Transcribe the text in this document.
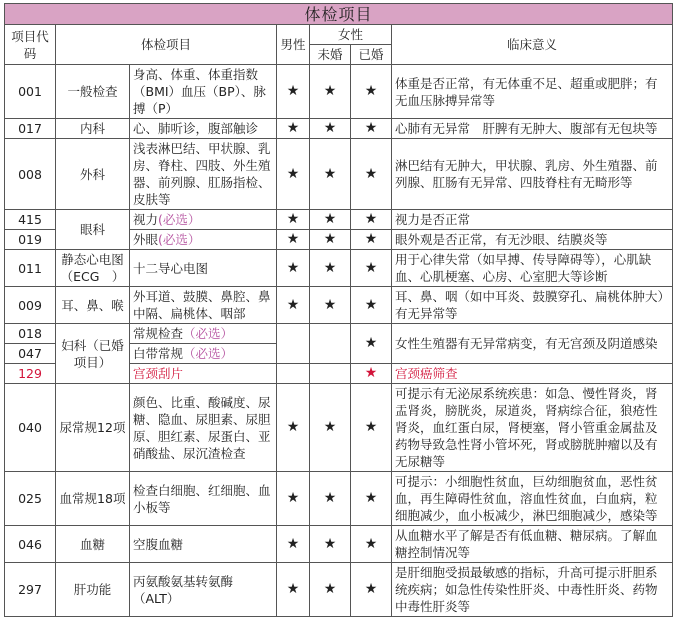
体检项目						
项目代码	体检项目		男性	女性		临床意义
				未婚	已婚	
001	一般检查	身高、体重、体重指数（BMI）血压（BP）、脉搏（P）	★	★	★	体重是否正常，有无体重不足、超重或肥胖；有无血压脉搏异常等
017	内科	心、肺听诊，腹部触诊	★	★	★	心肺有无异常　肝脾有无肿大、腹部有无包块等
008	外科	浅表淋巴结、甲状腺、乳房、脊柱、四肢、外生殖器、前列腺、肛肠指检、皮肤等	★	★	★	淋巴结有无肿大，甲状腺、乳房、外生殖器、前列腺、肛肠有无异常、四肢脊柱有无畸形等
415	眼科	视力(必选）	★	★	★	视力是否正常
019		外眼(必选）	★	★	★	眼外观是否正常，有无沙眼、结膜炎等
011	静态心电图（ECG　）	十二导心电图	★	★	★	用于心律失常（如早搏、传导障碍等），心肌缺血、心肌梗塞、心房、心室肥大等诊断
009	耳、鼻、喉	外耳道、鼓膜、鼻腔、鼻中隔、扁桃体、咽部	★	★	★	耳、鼻、咽（如中耳炎、鼓膜穿孔、扁桃体肿大）有无异常等
018	妇科（已婚项目）	常规检查（必选）			★	女性生殖器有无异常病变，有无宫颈及阴道感染
047		白带常规（必选）				
129		宫颈刮片			★	宫颈癌筛查
040	尿常规12项	颜色、比重、酸碱度、尿糖、隐血、尿胆素、尿胆原、胆红素、尿蛋白、亚硝酸盐、尿沉渣检查	★	★	★	可提示有无泌尿系统疾患：如急、慢性肾炎，肾盂肾炎，膀胱炎，尿道炎，肾病综合征，狼疮性肾炎，血红蛋白尿，肾梗塞，肾小管重金属盐及药物导致急性肾小管坏死，肾或膀胱肿瘤以及有无尿糖等
025	血常规18项	检查白细胞、红细胞、血小板等	★	★	★	可提示：小细胞性贫血，巨幼细胞贫血，恶性贫血，再生障碍性贫血，溶血性贫血，白血病，粒细胞减少，血小板减少，淋巴细胞减少，感染等
046	血糖	空腹血糖	★	★	★	从血糖水平了解是否有低血糖、糖尿病。了解血糖控制情况等
297	肝功能	丙氨酸氨基转氨酶（ALT）	★	★	★	是肝细胞受损最敏感的指标，升高可提示肝胆系统疾病；如急性传染性肝炎、中毒性肝炎、药物中毒性肝炎等
